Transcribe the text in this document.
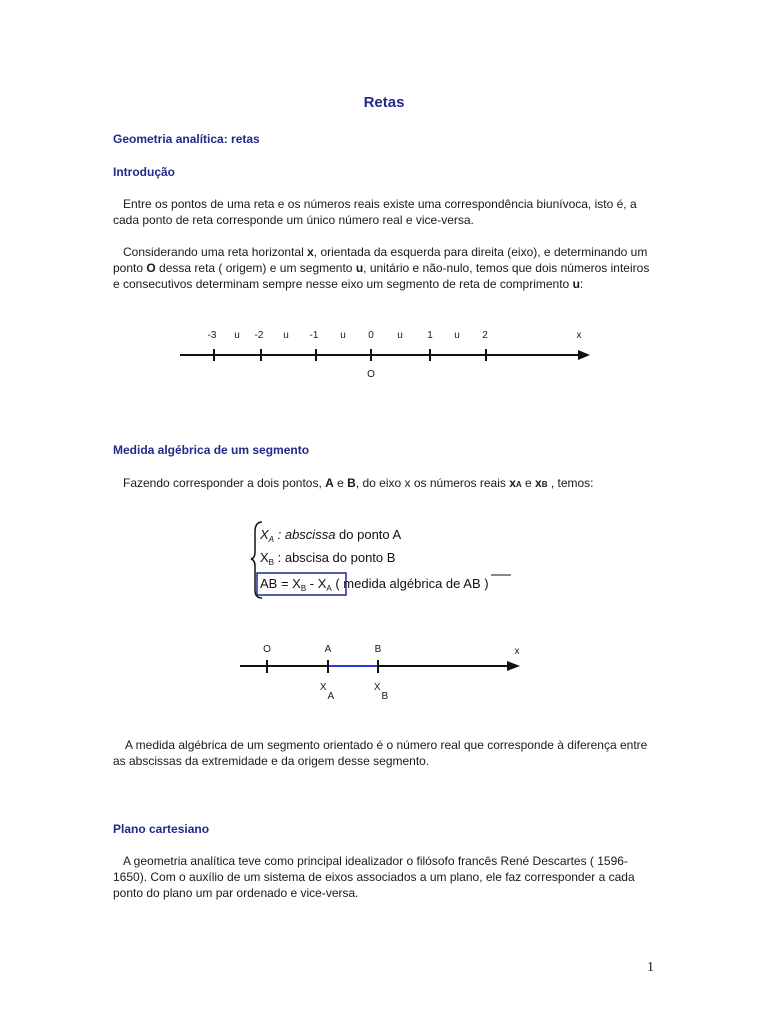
Retas
Geometria analítica: retas
Introdução
Entre os pontos de uma reta e os números reais existe uma correspondência biunívoca, isto é, a cada ponto de reta corresponde um único número real e vice-versa.
Considerando uma reta horizontal x, orientada da esquerda para direita (eixo), e determinando um ponto O dessa reta ( origem) e um segmento u, unitário e não-nulo, temos que dois números inteiros e consecutivos determinam sempre nesse eixo um segmento de reta de comprimento u:
-3 u -2 u -1 u 0 u 1 u 2	x
O
Medida algébrica de um segmento
Fazendo corresponder a dois pontos, A e B, do eixo x os números reais xA e xB , temos:
$X_A$ : abscissa do ponto A
$X_B$ : abscisa do ponto B
AB = $X_B - X_A$ ( medida algébrica de AB )
O	A	B	x
XA
XB
A medida algébrica de um segmento orientado é o número real que corresponde à diferença entre as abscissas da extremidade e da origem desse segmento.
Plano cartesiano
A geometria analítica teve como principal idealizador o filósofo francês René Descartes ( 1596-1650). Com o auxílio de um sistema de eixos associados a um plano, ele faz corresponder a cada ponto do plano um par ordenado e vice-versa.
1
